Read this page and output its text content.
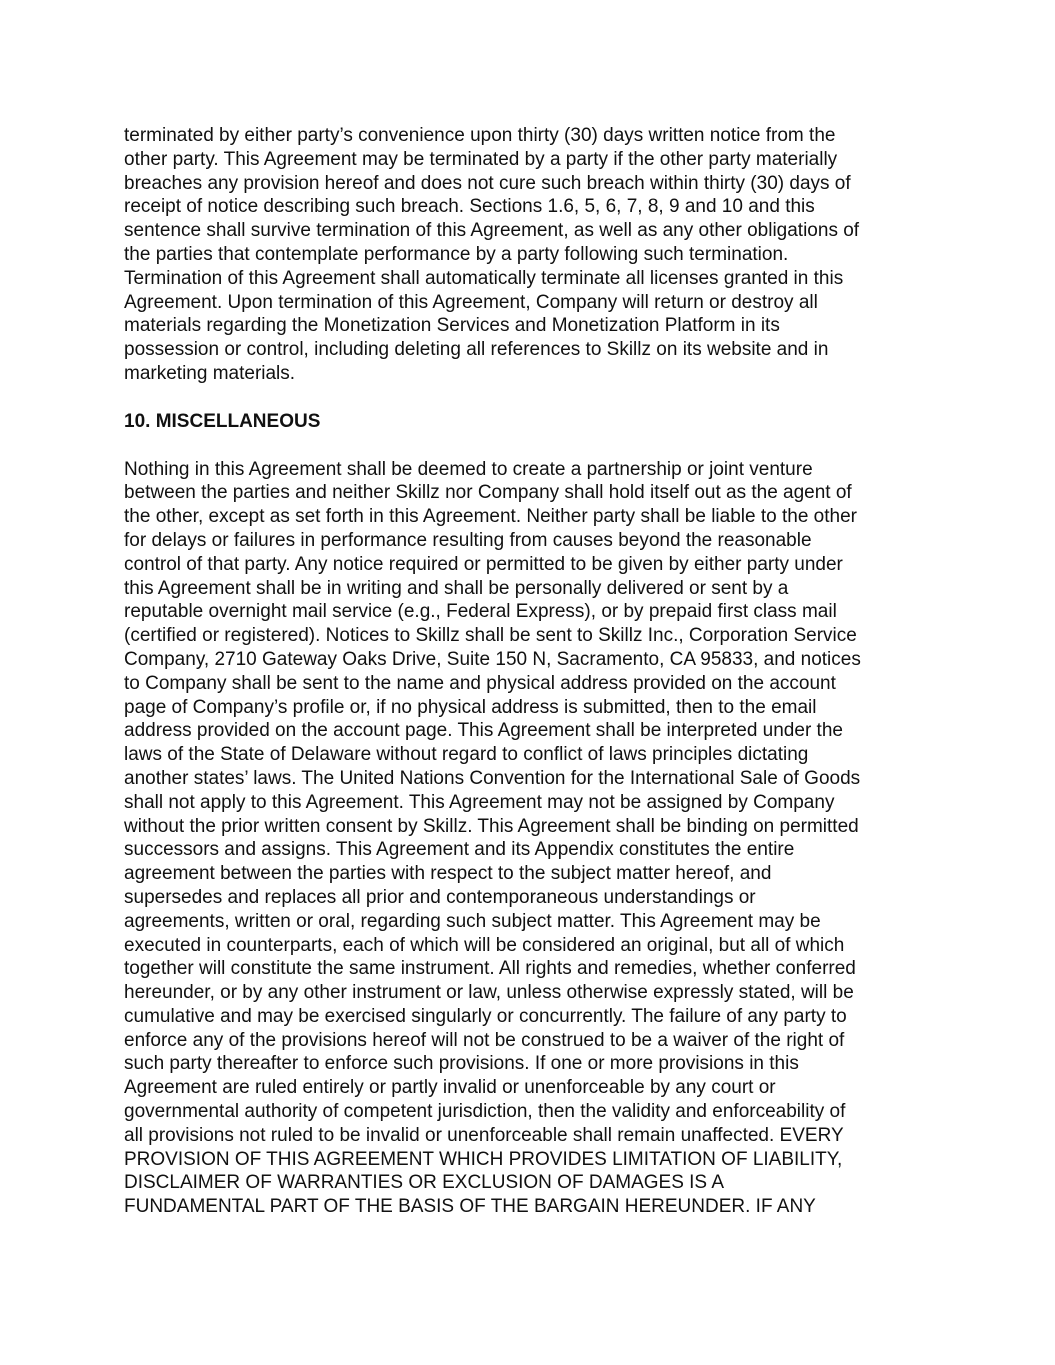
terminated by either party’s convenience upon thirty (30) days written notice from the
other party. This Agreement may be terminated by a party if the other party materially
breaches any provision hereof and does not cure such breach within thirty (30) days of
receipt of notice describing such breach. Sections 1.6, 5, 6, 7, 8, 9 and 10 and this
sentence shall survive termination of this Agreement, as well as any other obligations of
the parties that contemplate performance by a party following such termination.
Termination of this Agreement shall automatically terminate all licenses granted in this
Agreement. Upon termination of this Agreement, Company will return or destroy all
materials regarding the Monetization Services and Monetization Platform in its
possession or control, including deleting all references to Skillz on its website and in
marketing materials.
10. MISCELLANEOUS
Nothing in this Agreement shall be deemed to create a partnership or joint venture
between the parties and neither Skillz nor Company shall hold itself out as the agent of
the other, except as set forth in this Agreement. Neither party shall be liable to the other
for delays or failures in performance resulting from causes beyond the reasonable
control of that party. Any notice required or permitted to be given by either party under
this Agreement shall be in writing and shall be personally delivered or sent by a
reputable overnight mail service (e.g., Federal Express), or by prepaid first class mail
(certified or registered). Notices to Skillz shall be sent to Skillz Inc., Corporation Service
Company, 2710 Gateway Oaks Drive, Suite 150 N, Sacramento, CA 95833, and notices
to Company shall be sent to the name and physical address provided on the account
page of Company’s profile or, if no physical address is submitted, then to the email
address provided on the account page. This Agreement shall be interpreted under the
laws of the State of Delaware without regard to conflict of laws principles dictating
another states’ laws. The United Nations Convention for the International Sale of Goods
shall not apply to this Agreement. This Agreement may not be assigned by Company
without the prior written consent by Skillz. This Agreement shall be binding on permitted
successors and assigns. This Agreement and its Appendix constitutes the entire
agreement between the parties with respect to the subject matter hereof, and
supersedes and replaces all prior and contemporaneous understandings or
agreements, written or oral, regarding such subject matter. This Agreement may be
executed in counterparts, each of which will be considered an original, but all of which
together will constitute the same instrument. All rights and remedies, whether conferred
hereunder, or by any other instrument or law, unless otherwise expressly stated, will be
cumulative and may be exercised singularly or concurrently. The failure of any party to
enforce any of the provisions hereof will not be construed to be a waiver of the right of
such party thereafter to enforce such provisions. If one or more provisions in this
Agreement are ruled entirely or partly invalid or unenforceable by any court or
governmental authority of competent jurisdiction, then the validity and enforceability of
all provisions not ruled to be invalid or unenforceable shall remain unaffected. EVERY
PROVISION OF THIS AGREEMENT WHICH PROVIDES LIMITATION OF LIABILITY,
DISCLAIMER OF WARRANTIES OR EXCLUSION OF DAMAGES IS A
FUNDAMENTAL PART OF THE BASIS OF THE BARGAIN HEREUNDER. IF ANY
